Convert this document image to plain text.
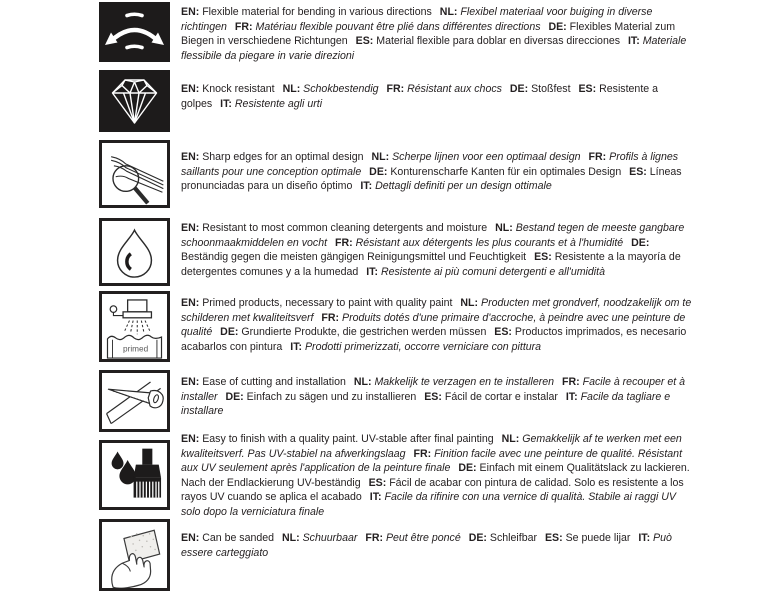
EN: Flexible material for bending in various directions NL: Flexibel materiaal voor buiging in diverse richtingen FR: Matériau flexible pouvant être plié dans différentes directions DE: Flexibles Material zum Biegen in verschiedene Richtungen ES: Material flexible para doblar en diversas direcciones IT: Materiale flessibile da piegare in varie direzioni

EN: Knock resistant NL: Schokbestendig FR: Résistant aux chocs DE: Stoßfest ES: Resistente a golpes IT: Resistente agli urti

EN: Sharp edges for an optimal design NL: Scherpe lijnen voor een optimaal design FR: Profils à lignes saillants pour une conception optimale DE: Konturenscharfe Kanten für ein optimales Design ES: Líneas pronunciadas para un diseño óptimo IT: Dettagli definiti per un design ottimale

EN: Resistant to most common cleaning detergents and moisture NL: Bestand tegen de meeste gangbare schoonmaakmiddelen en vocht FR: Résistant aux détergents les plus courants et à l'humidité DE: Beständig gegen die meisten gängigen Reinigungsmittel und Feuchtigkeit ES: Resistente a la mayoría de detergentes comunes y a la humedad IT: Resistente ai più comuni detergenti e all'umidità

primed

EN: Primed products, necessary to paint with quality paint NL: Producten met grondverf, noodzakelijk om te schilderen met kwaliteitsverf FR: Produits dotés d'une primaire d'accroche, à peindre avec une peinture de qualité DE: Grundierte Produkte, die gestrichen werden müssen ES: Productos imprimados, es necesario acabarlos con pintura IT: Prodotti primerizzati, occorre verniciare con pittura

EN: Ease of cutting and installation NL: Makkelijk te verzagen en te installeren FR: Facile à recouper et à installer DE: Einfach zu sägen und zu installieren ES: Fácil de cortar e instalar IT: Facile da tagliare e installare

EN: Easy to finish with a quality paint. UV-stable after final painting NL: Gemakkelijk af te werken met een kwaliteitsverf. Pas UV-stabiel na afwerkingslaag FR: Finition facile avec une peinture de qualité. Résistant aux UV seulement après l'application de la peinture finale DE: Einfach mit einem Qualitätslack zu lackieren. Nach der Endlackierung UV-beständig ES: Fácil de acabar con pintura de calidad. Solo es resistente a los rayos UV cuando se aplica el acabado IT: Facile da rifinire con una vernice di qualità. Stabile ai raggi UV solo dopo la verniciatura finale

EN: Can be sanded NL: Schuurbaar FR: Peut être poncé DE: Schleifbar ES: Se puede lijar IT: Può essere carteggiato
